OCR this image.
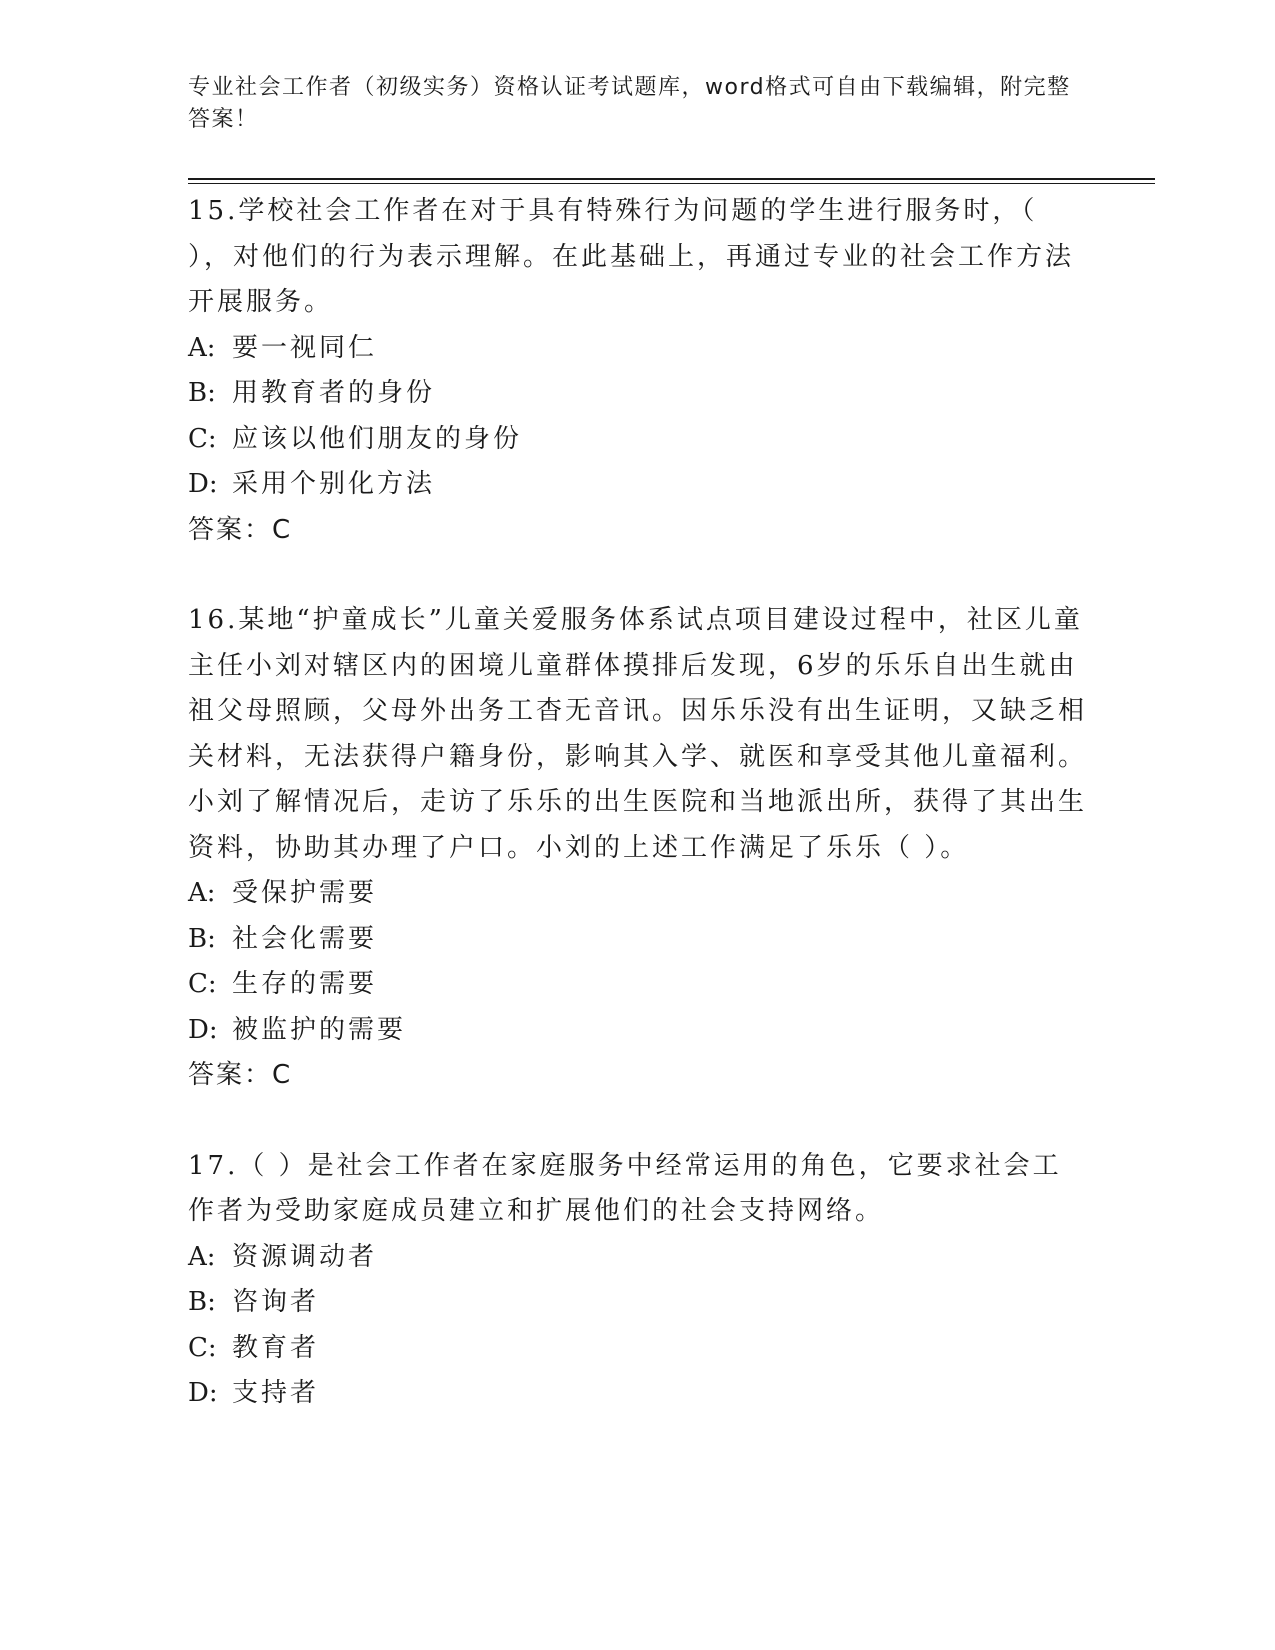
专业社会工作者（初级实务）资格认证考试题库，word格式可自由下载编辑，附完整答案！

15.学校社会工作者在对于具有特殊行为问题的学生进行服务时，（ ），对他们的行为表示理解。在此基础上，再通过专业的社会工作方法开展服务。

A: 要一视同仁

B: 用教育者的身份

C: 应该以他们朋友的身份

D: 采用个别化方法

答案：C

16.某地“护童成长”儿童关爱服务体系试点项目建设过程中，社区儿童主任小刘对辖区内的困境儿童群体摸排后发现，6岁的乐乐自出生就由祖父母照顾，父母外出务工杳无音讯。因乐乐没有出生证明，又缺乏相关材料，无法获得户籍身份，影响其入学、就医和享受其他儿童福利。小刘了解情况后，走访了乐乐的出生医院和当地派出所，获得了其出生资料，协助其办理了户口。小刘的上述工作满足了乐乐（ ）。

A: 受保护需要

B: 社会化需要

C: 生存的需要

D: 被监护的需要

答案：C

17.（ ）是社会工作者在家庭服务中经常运用的角色，它要求社会工作者为受助家庭成员建立和扩展他们的社会支持网络。

A: 资源调动者

B: 咨询者

C: 教育者

D: 支持者
